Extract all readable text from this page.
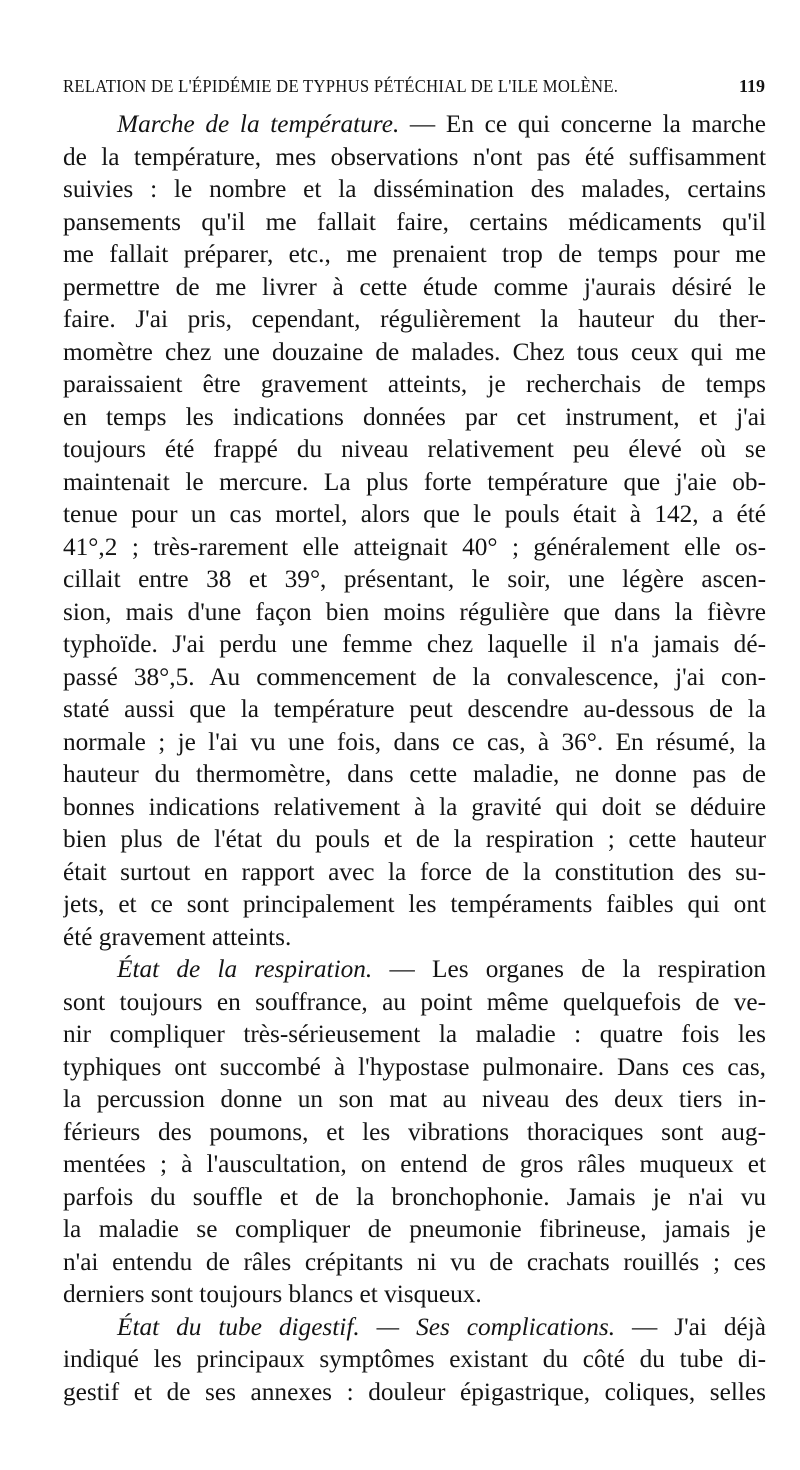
RELATION DE L'ÉPIDÉMIE DE TYPHUS PÉTÉCHIAL DE L'ILE MOLÈNE.	119
Marche de la température. — En ce qui concerne la marche
de la température, mes observations n'ont pas été suffisamment
suivies : le nombre et la dissémination des malades, certains
pansements qu'il me fallait faire, certains médicaments qu'il
me fallait préparer, etc., me prenaient trop de temps pour me
permettre de me livrer à cette étude comme j'aurais désiré le
faire. J'ai pris, cependant, régulièrement la hauteur du ther-
momètre chez une douzaine de malades. Chez tous ceux qui me
paraissaient être gravement atteints, je recherchais de temps
en temps les indications données par cet instrument, et j'ai
toujours été frappé du niveau relativement peu élevé où se
maintenait le mercure. La plus forte température que j'aie ob-
tenue pour un cas mortel, alors que le pouls était à 142, a été
41°,2 ; très-rarement elle atteignait 40° ; généralement elle os-
cillait entre 38 et 39°, présentant, le soir, une légère ascen-
sion, mais d'une façon bien moins régulière que dans la fièvre
typhoïde. J'ai perdu une femme chez laquelle il n'a jamais dé-
passé 38°,5. Au commencement de la convalescence, j'ai con-
staté aussi que la température peut descendre au-dessous de la
normale ; je l'ai vu une fois, dans ce cas, à 36°. En résumé, la
hauteur du thermomètre, dans cette maladie, ne donne pas de
bonnes indications relativement à la gravité qui doit se déduire
bien plus de l'état du pouls et de la respiration ; cette hauteur
était surtout en rapport avec la force de la constitution des su-
jets, et ce sont principalement les tempéraments faibles qui ont
été gravement atteints.
État de la respiration. — Les organes de la respiration
sont toujours en souffrance, au point même quelquefois de ve-
nir compliquer très-sérieusement la maladie : quatre fois les
typhiques ont succombé à l'hypostase pulmonaire. Dans ces cas,
la percussion donne un son mat au niveau des deux tiers in-
férieurs des poumons, et les vibrations thoraciques sont aug-
mentées ; à l'auscultation, on entend de gros râles muqueux et
parfois du souffle et de la bronchophonie. Jamais je n'ai vu
la maladie se compliquer de pneumonie fibrineuse, jamais je
n'ai entendu de râles crépitants ni vu de crachats rouillés ; ces
derniers sont toujours blancs et visqueux.
État du tube digestif. — Ses complications. — J'ai déjà
indiqué les principaux symptômes existant du côté du tube di-
gestif et de ses annexes : douleur épigastrique, coliques, selles
